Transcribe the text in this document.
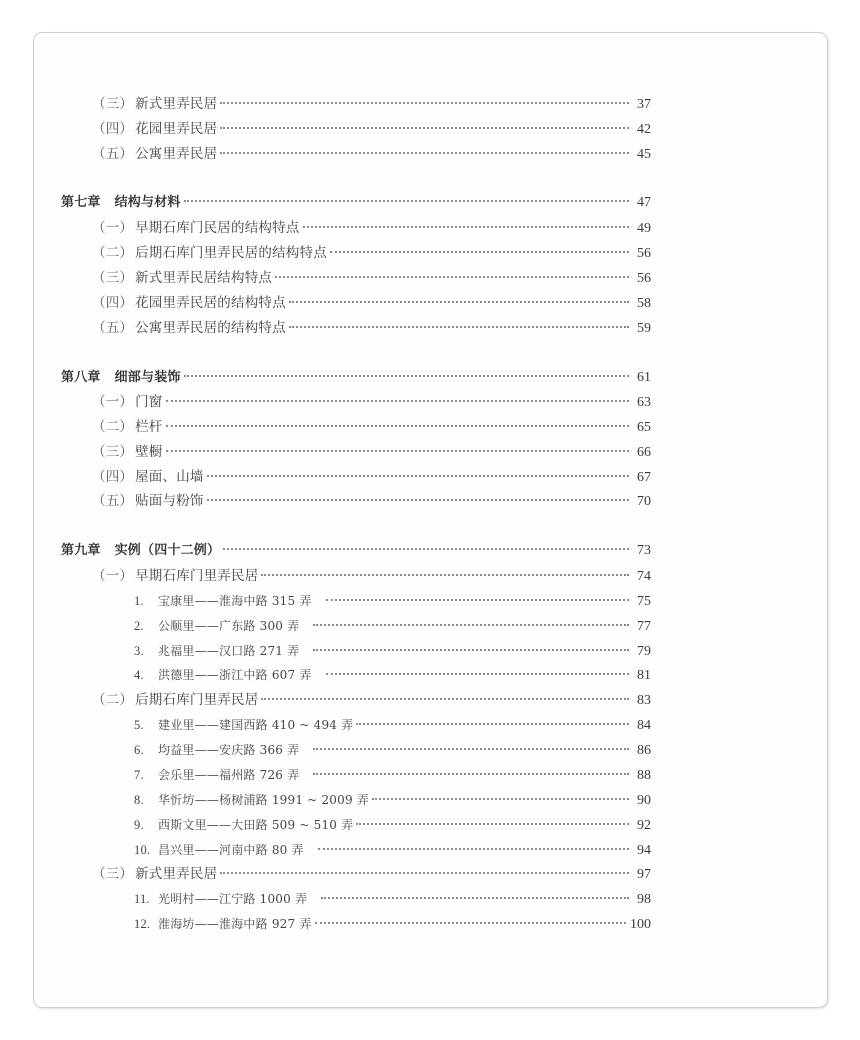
（三） 新式里弄民居	37
（四） 花园里弄民居	42
（五） 公寓里弄民居	45
第七章 结构与材料	47
（一） 早期石库门民居的结构特点	49
（二） 后期石库门里弄民居的结构特点	56
（三） 新式里弄民居结构特点	56
（四） 花园里弄民居的结构特点	58
（五） 公寓里弄民居的结构特点	59
第八章 细部与装饰	61
（一） 门窗	63
（二） 栏杆	65
（三） 壁橱	66
（四） 屋面、山墙	67
（五） 贴面与粉饰	70
第九章 实例（四十二例）	73
（一） 早期石库门里弄民居	74
1. 宝康里——淮海中路 315 弄	75
2. 公顺里——广东路 300 弄	77
3. 兆福里——汉口路 271 弄	79
4. 洪德里——浙江中路 607 弄	81
（二） 后期石库门里弄民居	83
5. 建业里——建国西路 410 ~ 494 弄	84
6. 均益里——安庆路 366 弄	86
7. 会乐里——福州路 726 弄	88
8. 华忻坊——杨树浦路 1991 ~ 2009 弄	90
9. 西斯文里——大田路 509 ~ 510 弄	92
10. 昌兴里——河南中路 80 弄	94
（三） 新式里弄民居	97
11. 光明村——江宁路 1000 弄	98
12. 淮海坊——淮海中路 927 弄	100
